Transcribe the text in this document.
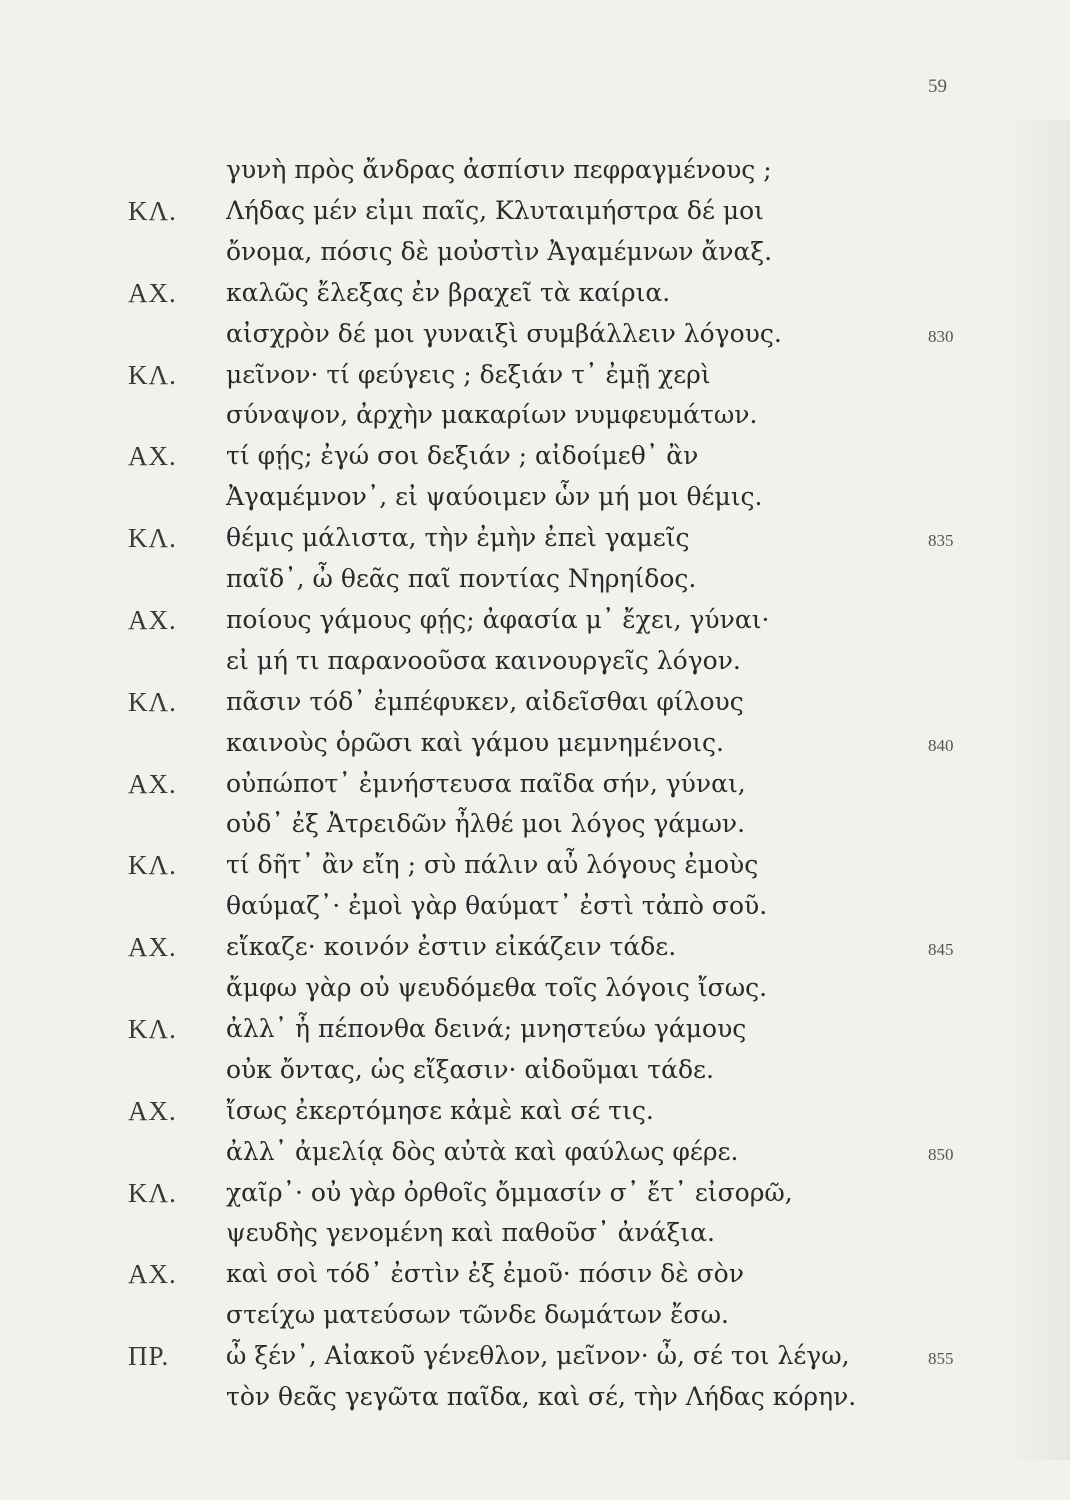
59
γυνὴ πρὸς ἄνδρας ἀσπίσιν πεφραγμένους ;
ΚΛ. Λήδας μέν εἰμι παῖς, Κλυταιμήστρα δέ μοι
ὄνομα, πόσις δὲ μοὐστὶν Ἀγαμέμνων ἄναξ.
ΑΧ. καλῶς ἔλεξας ἐν βραχεῖ τὰ καίρια.
αἰσχρὸν δέ μοι γυναιξὶ συμβάλλειν λόγους.	830
ΚΛ. μεῖνον· τί φεύγεις ; δεξιάν τ᾽ ἐμῇ χερὶ
σύναψον, ἀρχὴν μακαρίων νυμφευμάτων.
ΑΧ. τί φῄς; ἐγώ σοι δεξιάν ; αἰδοίμεθ᾽ ἂν
Ἀγαμέμνον᾽, εἰ ψαύοιμεν ὧν μή μοι θέμις.
ΚΛ. θέμις μάλιστα, τὴν ἐμὴν ἐπεὶ γαμεῖς	835
παῖδ᾽, ὦ θεᾶς παῖ ποντίας Νηρηίδος.
ΑΧ. ποίους γάμους φῄς; ἀφασία μ᾽ ἔχει, γύναι·
εἰ μή τι παρανοοῦσα καινουργεῖς λόγον.
ΚΛ. πᾶσιν τόδ᾽ ἐμπέφυκεν, αἰδεῖσθαι φίλους
καινοὺς ὁρῶσι καὶ γάμου μεμνημένοις.	840
ΑΧ. οὐπώποτ᾽ ἐμνήστευσα παῖδα σήν, γύναι,
οὐδ᾽ ἐξ Ἀτρειδῶν ἦλθέ μοι λόγος γάμων.
ΚΛ. τί δῆτ᾽ ἂν εἴη ; σὺ πάλιν αὖ λόγους ἐμοὺς
θαύμαζ᾽· ἐμοὶ γὰρ θαύματ᾽ ἐστὶ τἀπὸ σοῦ.
ΑΧ. εἴκαζε· κοινόν ἐστιν εἰκάζειν τάδε.	845
ἄμφω γὰρ οὐ ψευδόμεθα τοῖς λόγοις ἴσως.
ΚΛ. ἀλλ᾽ ἦ πέπονθα δεινά; μνηστεύω γάμους
οὐκ ὄντας, ὡς εἴξασιν· αἰδοῦμαι τάδε.
ΑΧ. ἴσως ἐκερτόμησε κἀμὲ καὶ σέ τις.
ἀλλ᾽ ἀμελίᾳ δὸς αὐτὰ καὶ φαύλως φέρε.	850
ΚΛ. χαῖρ᾽· οὐ γὰρ ὀρθοῖς ὄμμασίν σ᾽ ἔτ᾽ εἰσορῶ,
ψευδὴς γενομένη καὶ παθοῦσ᾽ ἀνάξια.
ΑΧ. καὶ σοὶ τόδ᾽ ἐστὶν ἐξ ἐμοῦ· πόσιν δὲ σὸν
στείχω ματεύσων τῶνδε δωμάτων ἔσω.
ΠΡ. ὦ ξέν᾽, Αἰακοῦ γένεθλον, μεῖνον· ὦ, σέ τοι λέγω,	855
τὸν θεᾶς γεγῶτα παῖδα, καὶ σέ, τὴν Λήδας κόρην.
